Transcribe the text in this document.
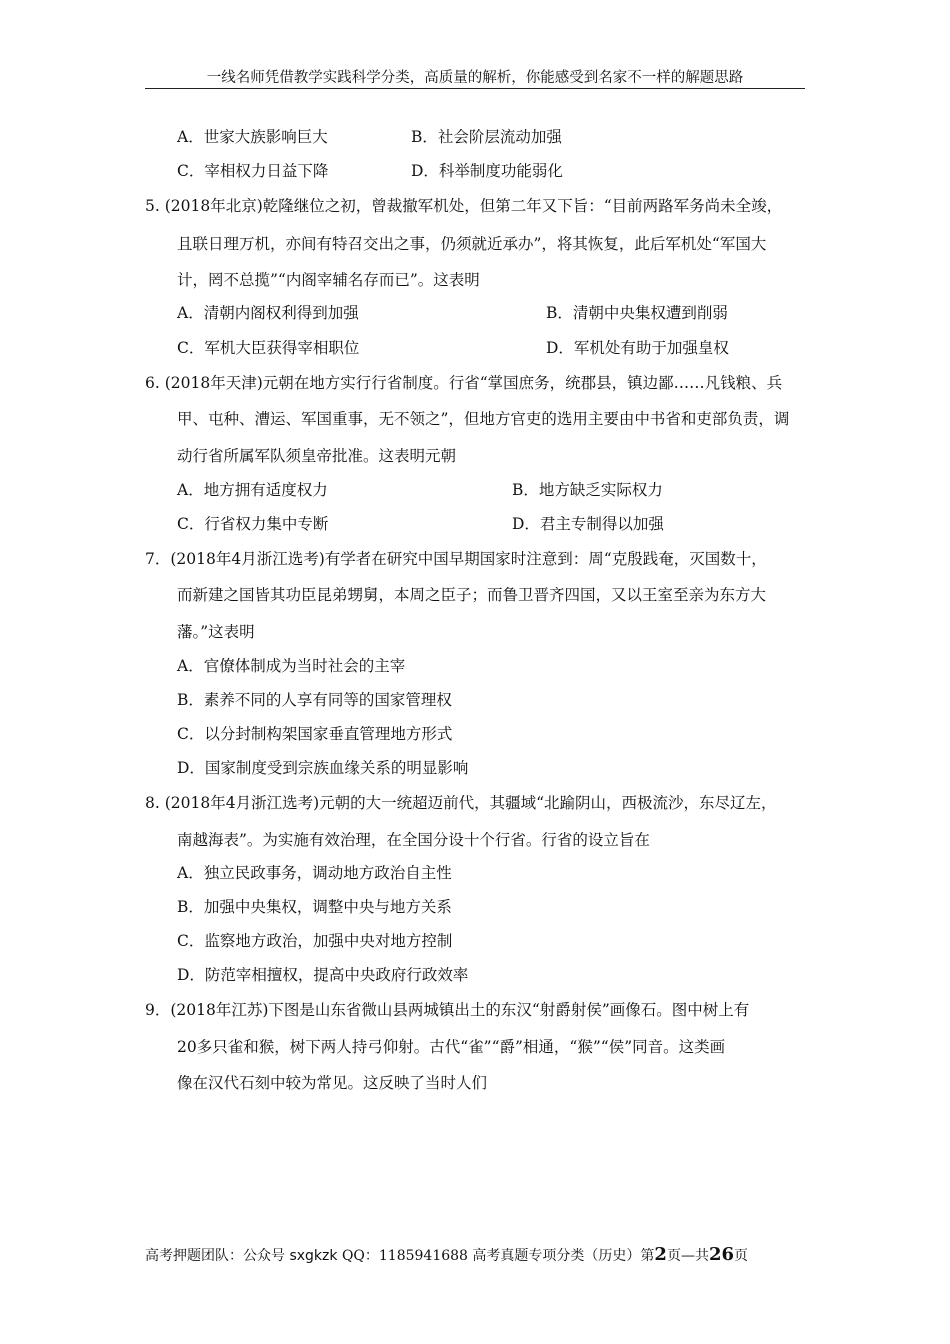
一线名师凭借教学实践科学分类，高质量的解析，你能感受到名家不一样的解题思路
A．世家大族影响巨大	B．社会阶层流动加强
C．宰相权力日益下降	D．科举制度功能弱化
5. (2018年北京)乾隆继位之初，曾裁撤军机处，但第二年又下旨：“目前两路军务尚未全竣，
且联日理万机，亦间有特召交出之事，仍须就近承办”，将其恢复，此后军机处“军国大
计，罔不总揽”“内阁宰辅名存而已”。这表明
A．清朝内阁权利得到加强	B．清朝中央集权遭到削弱
C．军机大臣获得宰相职位	D．军机处有助于加强皇权
6. (2018年天津)元朝在地方实行行省制度。行省“掌国庶务，统郡县，镇边鄙……凡钱粮、兵
甲、屯种、漕运、军国重事，无不领之”，但地方官吏的选用主要由中书省和吏部负责，调
动行省所属军队须皇帝批准。这表明元朝
A．地方拥有适度权力	B．地方缺乏实际权力
C．行省权力集中专断	D．君主专制得以加强
7．(2018年4月浙江选考)有学者在研究中国早期国家时注意到：周“克殷践奄，灭国数十，
而新建之国皆其功臣昆弟甥舅，本周之臣子；而鲁卫晋齐四国，又以王室至亲为东方大
藩。”这表明
A．官僚体制成为当时社会的主宰
B．素养不同的人享有同等的国家管理权
C．以分封制构架国家垂直管理地方形式
D．国家制度受到宗族血缘关系的明显影响
8. (2018年4月浙江选考)元朝的大一统超迈前代，其疆域“北踰阴山，西极流沙，东尽辽左，
南越海表”。为实施有效治理，在全国分设十个行省。行省的设立旨在
A．独立民政事务，调动地方政治自主性
B．加强中央集权，调整中央与地方关系
C．监察地方政治，加强中央对地方控制
D．防范宰相擅权，提高中央政府行政效率
9．(2018年江苏)下图是山东省微山县两城镇出土的东汉“射爵射侯”画像石。图中树上有
20多只雀和猴，树下两人持弓仰射。古代“雀”“爵”相通，“猴”“侯”同音。这类画
像在汉代石刻中较为常见。这反映了当时人们
高考押题团队：公众号 sxgkzk QQ：1185941688 高考真题专项分类（历史）第2页—共26页
